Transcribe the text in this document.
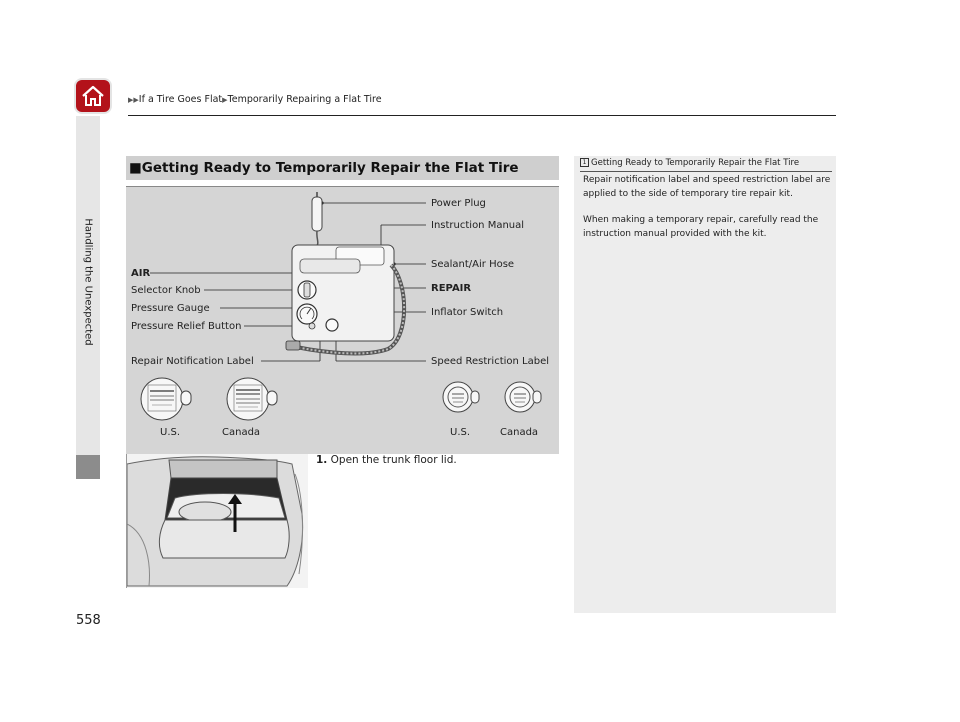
▶▶If a Tire Goes Flat▶Temporarily Repairing a Flat Tire
Handling the Unexpected
558
■Getting Ready to Temporarily Repair the Flat Tire
Power Plug
Instruction Manual
Sealant/Air Hose
AIR
Selector Knob	REPAIR
Pressure Gauge	Inflator Switch
Pressure Relief Button
Repair Notification Label	Speed Restriction Label
U.S.	Canada	U.S.	Canada
1. Open the trunk floor lid.
1 Getting Ready to Temporarily Repair the Flat Tire

Repair notification label and speed restriction label are applied to the side of temporary tire repair kit.

When making a temporary repair, carefully read the instruction manual provided with the kit.
